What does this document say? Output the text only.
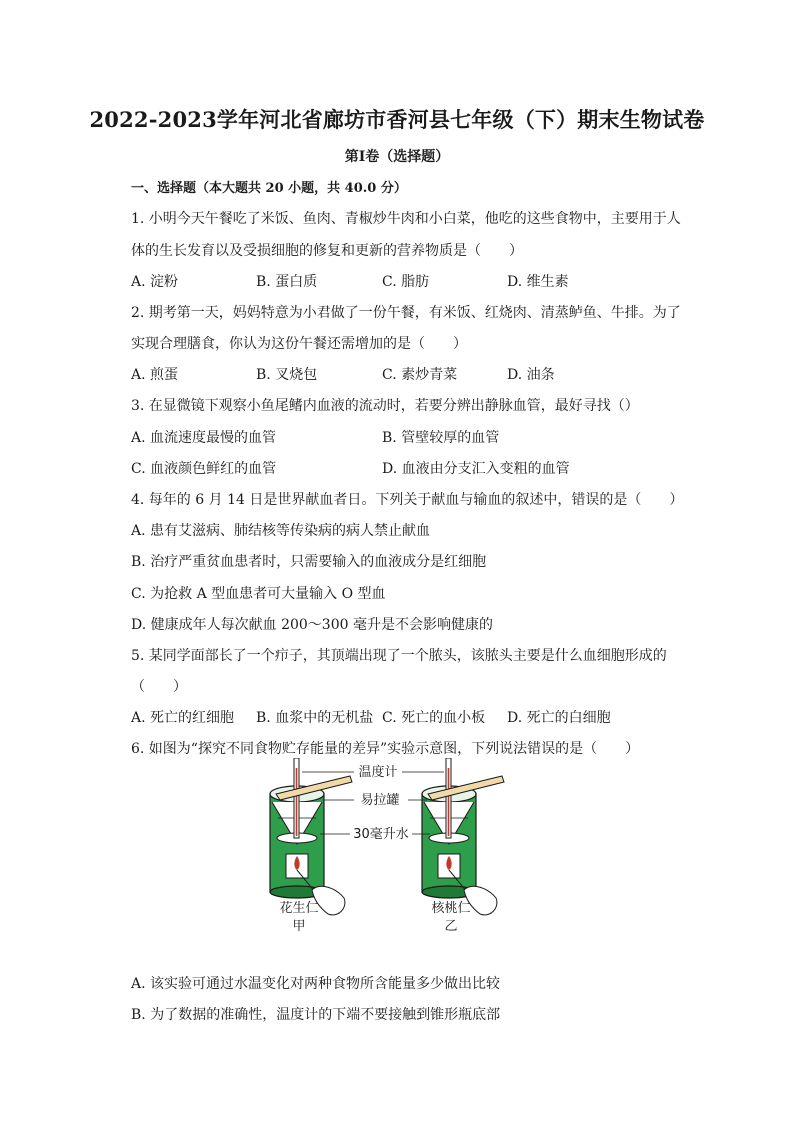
2022-2023学年河北省廊坊市香河县七年级（下）期末生物试卷
第Ⅰ卷（选择题）
一、选择题（本大题共 20 小题，共 40.0 分）
1. 小明今天午餐吃了米饭、鱼肉、青椒炒牛肉和小白菜，他吃的这些食物中，主要用于人
体的生长发育以及受损细胞的修复和更新的营养物质是（　　）
A. 淀粉	B. 蛋白质	C. 脂肪	D. 维生素
2. 期考第一天，妈妈特意为小君做了一份午餐，有米饭、红烧肉、清蒸鲈鱼、牛排。为了
实现合理膳食，你认为这份午餐还需增加的是（　　）
A. 煎蛋	B. 叉烧包	C. 素炒青菜	D. 油条
3. 在显微镜下观察小鱼尾鳍内血液的流动时，若要分辨出静脉血管，最好寻找（）
A. 血流速度最慢的血管	B. 管壁较厚的血管
C. 血液颜色鲜红的血管	D. 血液由分支汇入变粗的血管
4. 每年的 6 月 14 日是世界献血者日。下列关于献血与输血的叙述中，错误的是（　　）
A. 患有艾滋病、肺结核等传染病的病人禁止献血
B. 治疗严重贫血患者时，只需要输入的血液成分是红细胞
C. 为抢救 A 型血患者可大量输入 O 型血
D. 健康成年人每次献血 200～300 毫升是不会影响健康的
5. 某同学面部长了一个疖子，其顶端出现了一个脓头，该脓头主要是什么血细胞形成的
（　　）
A. 死亡的红细胞 B. 血浆中的无机盐 C. 死亡的血小板 D. 死亡的白细胞
6. 如图为“探究不同食物贮存能量的差异”实验示意图，下列说法错误的是（　　）
温度计
易拉罐
30毫升水
花生仁
甲
核桃仁
乙
A. 该实验可通过水温变化对两种食物所含能量多少做出比较
B. 为了数据的准确性，温度计的下端不要接触到锥形瓶底部
